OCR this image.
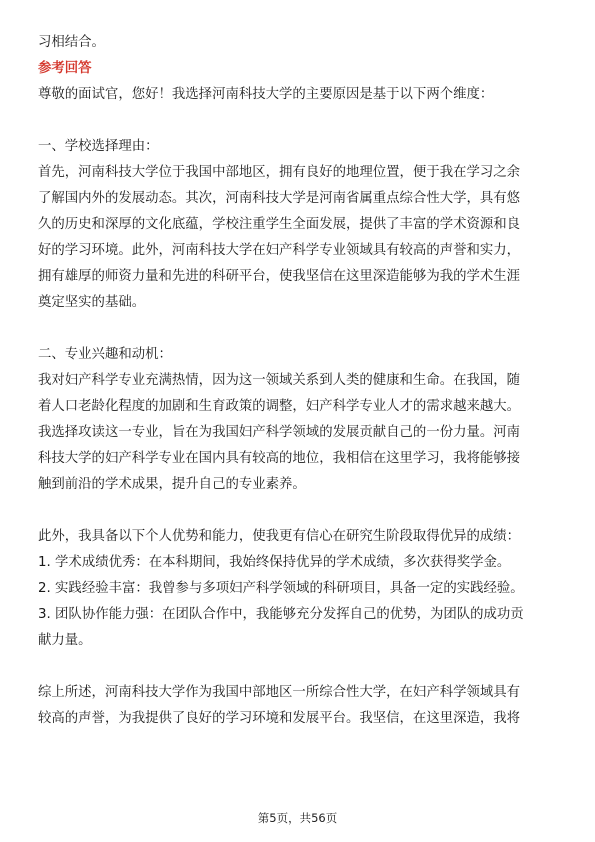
习相结合。
参考回答
尊敬的面试官，您好！我选择河南科技大学的主要原因是基于以下两个维度：
一、学校选择理由：
首先，河南科技大学位于我国中部地区，拥有良好的地理位置，便于我在学习之余
了解国内外的发展动态。其次，河南科技大学是河南省属重点综合性大学，具有悠
久的历史和深厚的文化底蕴，学校注重学生全面发展，提供了丰富的学术资源和良
好的学习环境。此外，河南科技大学在妇产科学专业领域具有较高的声誉和实力，
拥有雄厚的师资力量和先进的科研平台，使我坚信在这里深造能够为我的学术生涯
奠定坚实的基础。
二、专业兴趣和动机：
我对妇产科学专业充满热情，因为这一领域关系到人类的健康和生命。在我国，随
着人口老龄化程度的加剧和生育政策的调整，妇产科学专业人才的需求越来越大。
我选择攻读这一专业，旨在为我国妇产科学领域的发展贡献自己的一份力量。河南
科技大学的妇产科学专业在国内具有较高的地位，我相信在这里学习，我将能够接
触到前沿的学术成果，提升自己的专业素养。
此外，我具备以下个人优势和能力，使我更有信心在研究生阶段取得优异的成绩：
1. 学术成绩优秀：在本科期间，我始终保持优异的学术成绩，多次获得奖学金。
2. 实践经验丰富：我曾参与多项妇产科学领域的科研项目，具备一定的实践经验。
3. 团队协作能力强：在团队合作中，我能够充分发挥自己的优势，为团队的成功贡
献力量。
综上所述，河南科技大学作为我国中部地区一所综合性大学，在妇产科学领域具有
较高的声誉，为我提供了良好的学习环境和发展平台。我坚信，在这里深造，我将
第5页，共56页
